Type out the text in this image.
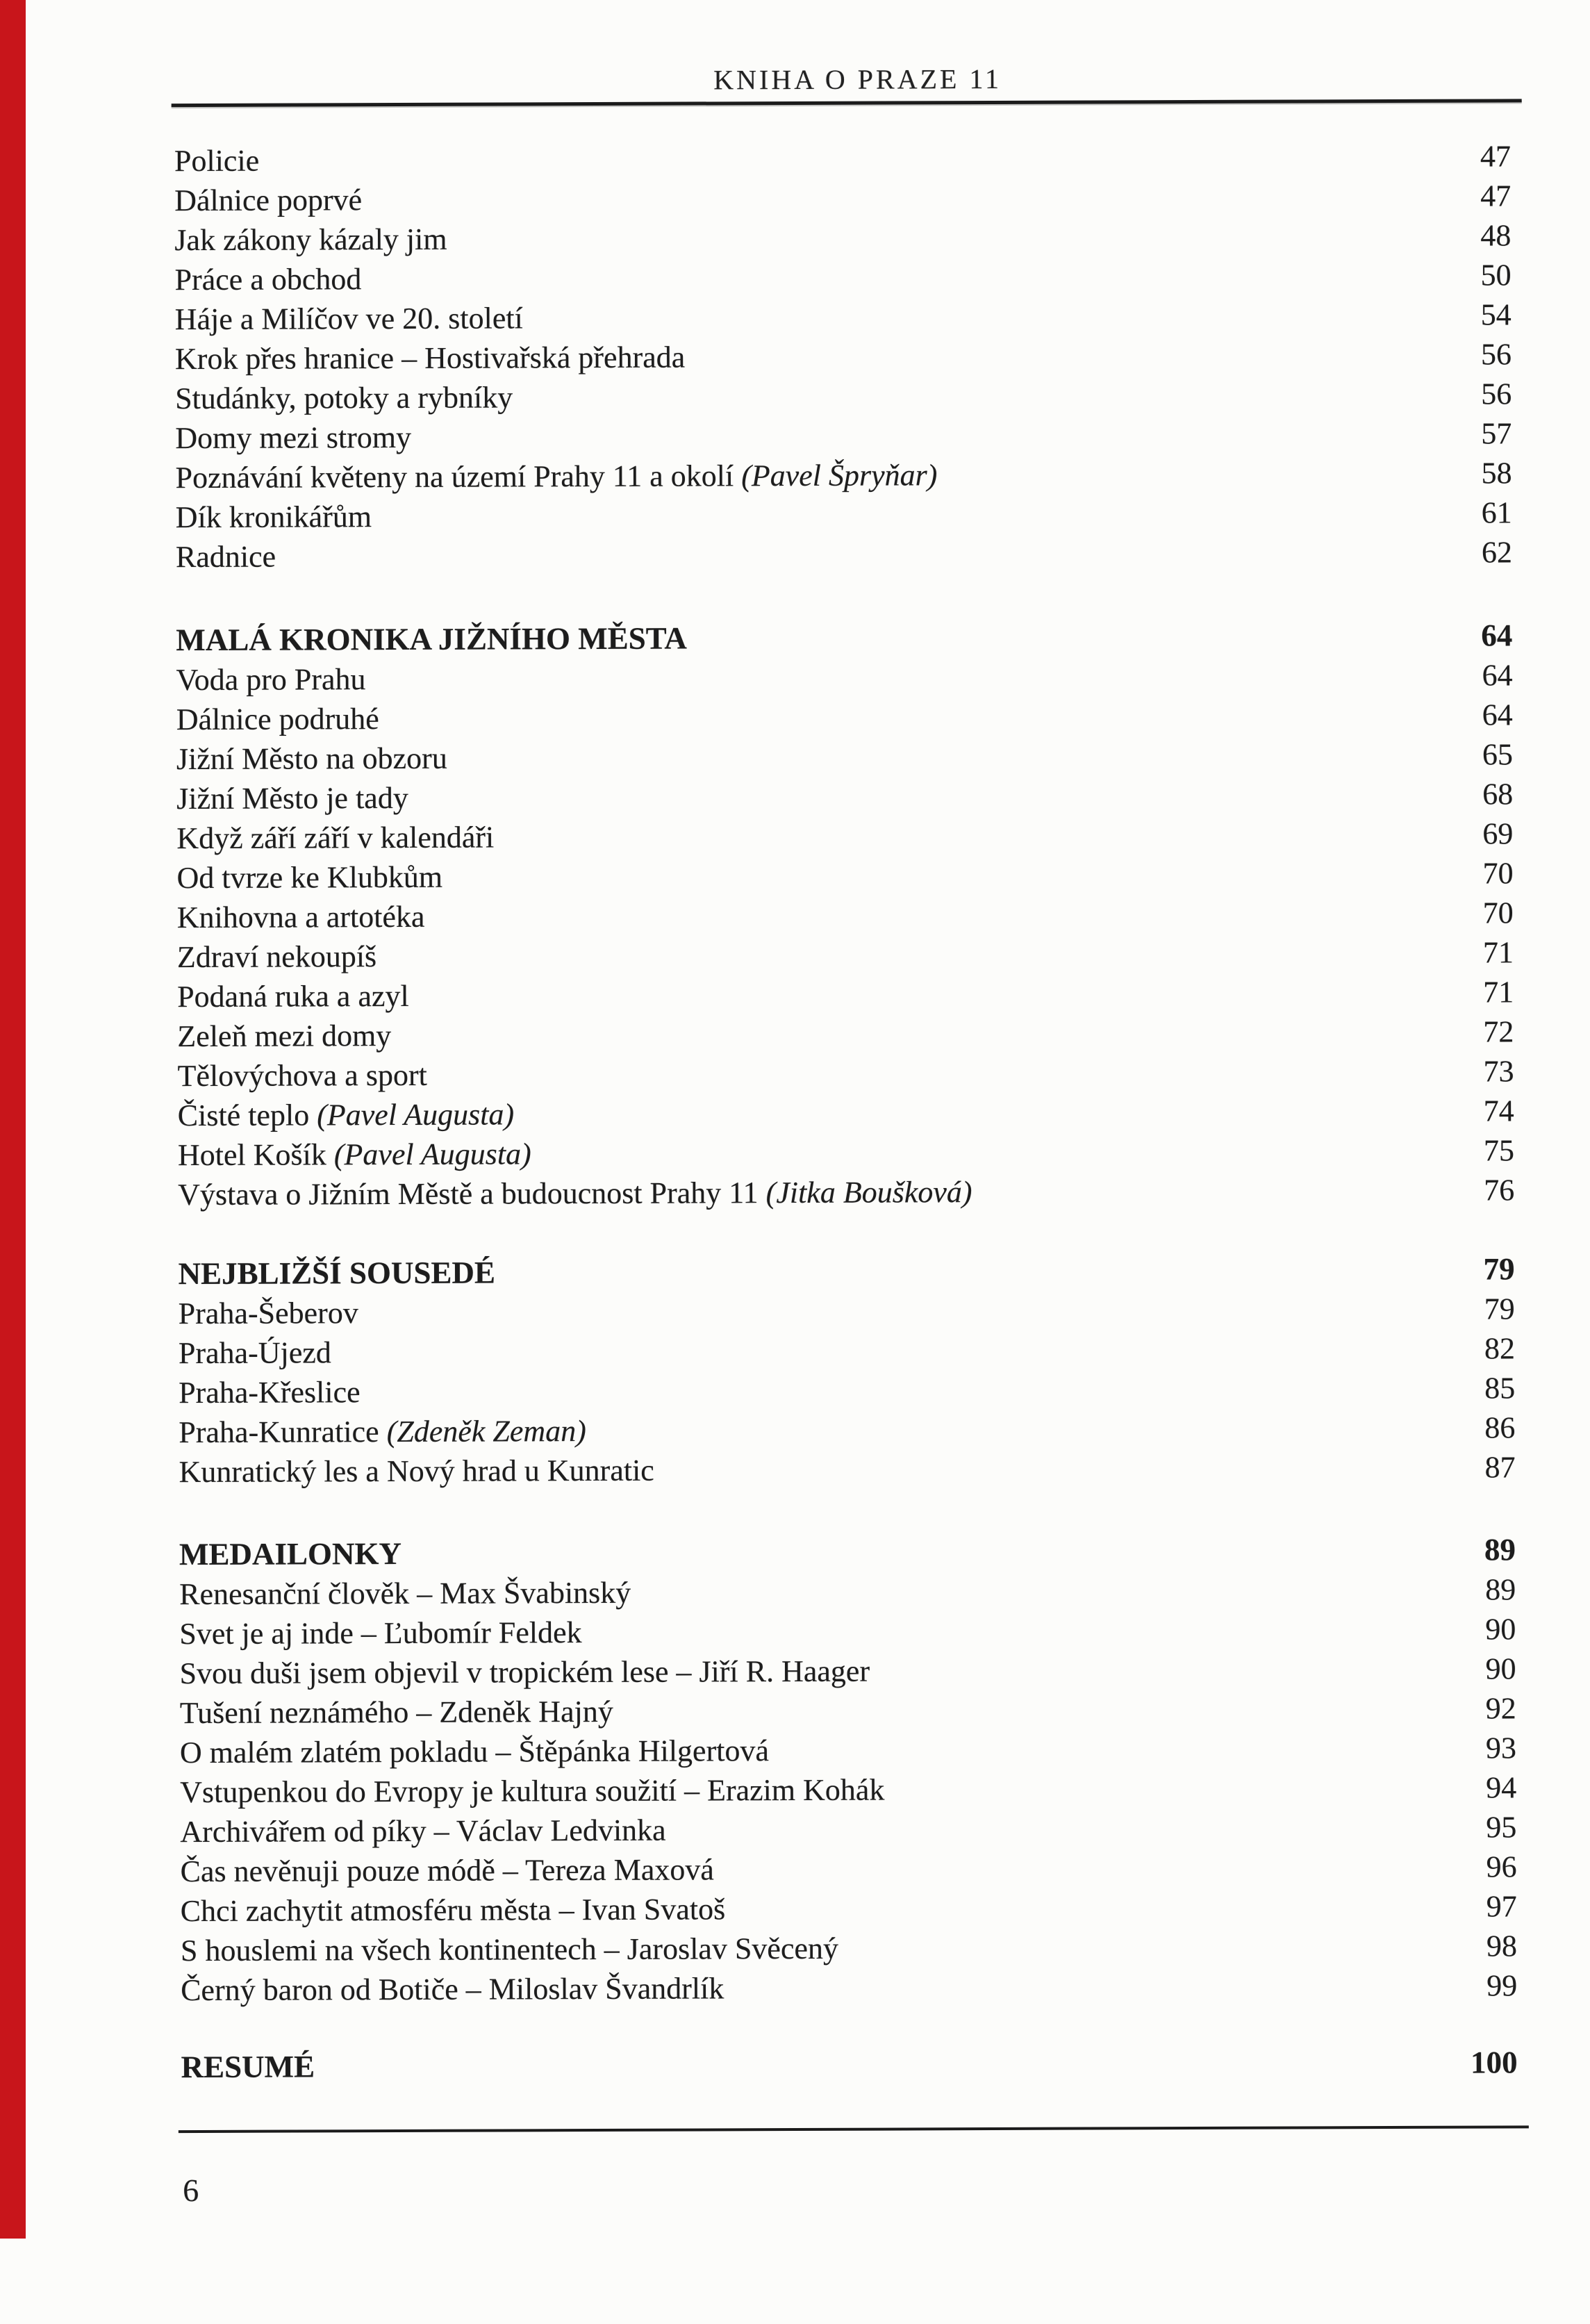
KNIHA O PRAZE 11
Policie	47
Dálnice poprvé	47
Jak zákony kázaly jim	48
Práce a obchod	50
Háje a Milíčov ve 20. století	54
Krok přes hranice – Hostivařská přehrada	56
Studánky, potoky a rybníky	56
Domy mezi stromy	57
Poznávání květeny na území Prahy 11 a okolí (Pavel Špryňar)	58
Dík kronikářům	61
Radnice	62
MALÁ KRONIKA JIŽNÍHO MĚSTA	64
Voda pro Prahu	64
Dálnice podruhé	64
Jižní Město na obzoru	65
Jižní Město je tady	68
Když září září v kalendáři	69
Od tvrze ke Klubkům	70
Knihovna a artotéka	70
Zdraví nekoupíš	71
Podaná ruka a azyl	71
Zeleň mezi domy	72
Tělovýchova a sport	73
Čisté teplo (Pavel Augusta)	74
Hotel Košík (Pavel Augusta)	75
Výstava o Jižním Městě a budoucnost Prahy 11 (Jitka Boušková)	76
NEJBLIŽŠÍ SOUSEDÉ	79
Praha-Šeberov	79
Praha-Újezd	82
Praha-Křeslice	85
Praha-Kunratice (Zdeněk Zeman)	86
Kunratický les a Nový hrad u Kunratic	87
MEDAILONKY	89
Renesanční člověk – Max Švabinský	89
Svet je aj inde – Ľubomír Feldek	90
Svou duši jsem objevil v tropickém lese – Jiří R. Haager	90
Tušení neznámého – Zdeněk Hajný	92
O malém zlatém pokladu – Štěpánka Hilgertová	93
Vstupenkou do Evropy je kultura soužití – Erazim Kohák	94
Archivářem od píky – Václav Ledvinka	95
Čas nevěnuji pouze módě – Tereza Maxová	96
Chci zachytit atmosféru města – Ivan Svatoš	97
S houslemi na všech kontinentech – Jaroslav Svěcený	98
Černý baron od Botiče – Miloslav Švandrlík	99
RESUMÉ	100
6
